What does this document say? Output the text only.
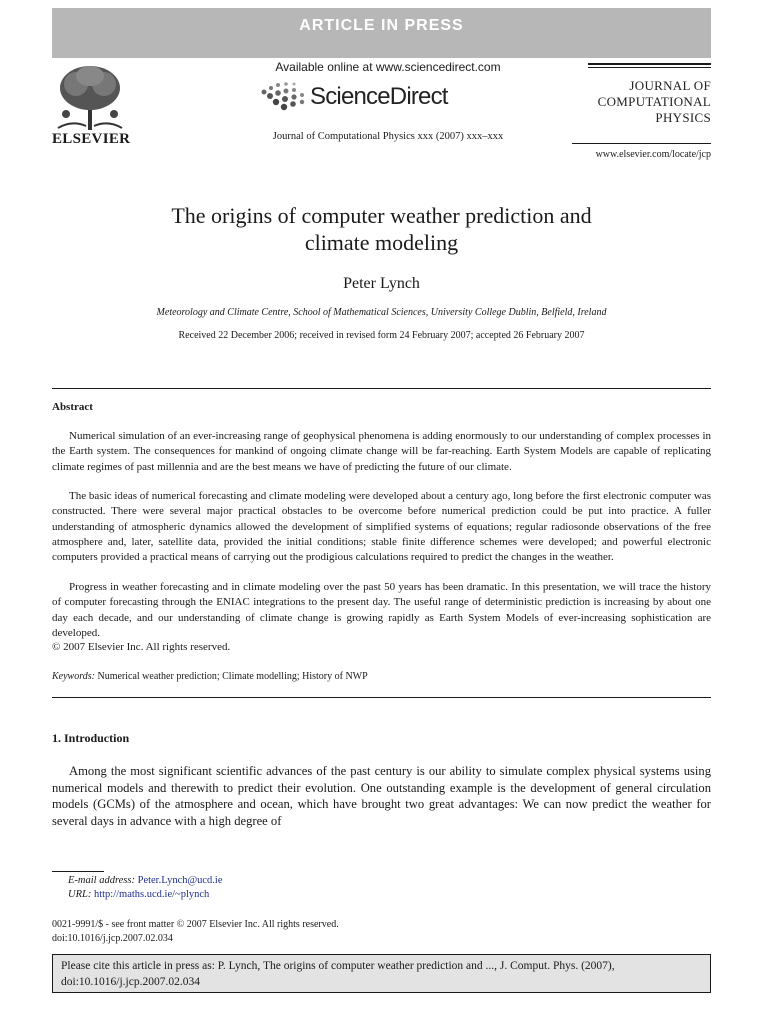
ARTICLE IN PRESS
ELSEVIER
Available online at www.sciencedirect.com
ScienceDirect
Journal of Computational Physics xxx (2007) xxx–xxx
JOURNAL OF
COMPUTATIONAL
PHYSICS
www.elsevier.com/locate/jcp
The origins of computer weather prediction and
climate modeling
Peter Lynch
Meteorology and Climate Centre, School of Mathematical Sciences, University College Dublin, Belfield, Ireland
Received 22 December 2006; received in revised form 24 February 2007; accepted 26 February 2007
Abstract

Numerical simulation of an ever-increasing range of geophysical phenomena is adding enormously to our understanding of complex processes in the Earth system. The consequences for mankind of ongoing climate change will be far-reaching. Earth System Models are capable of replicating climate regimes of past millennia and are the best means we have of predicting the future of our climate.

The basic ideas of numerical forecasting and climate modeling were developed about a century ago, long before the first electronic computer was constructed. There were several major practical obstacles to be overcome before numerical prediction could be put into practice. A fuller understanding of atmospheric dynamics allowed the development of simplified systems of equations; regular radiosonde observations of the free atmosphere and, later, satellite data, provided the initial conditions; stable finite difference schemes were developed; and powerful electronic computers provided a practical means of carrying out the prodigious calculations required to predict the changes in the weather.

Progress in weather forecasting and in climate modeling over the past 50 years has been dramatic. In this presentation, we will trace the history of computer forecasting through the ENIAC integrations to the present day. The useful range of deterministic prediction is increasing by about one day each decade, and our understanding of climate change is growing rapidly as Earth System Models of ever-increasing sophistication are developed.

© 2007 Elsevier Inc. All rights reserved.

Keywords: Numerical weather prediction; Climate modelling; History of NWP
1. Introduction

Among the most significant scientific advances of the past century is our ability to simulate complex physical systems using numerical models and therewith to predict their evolution. One outstanding example is the development of general circulation models (GCMs) of the atmosphere and ocean, which have brought two great advantages: We can now predict the weather for several days in advance with a high degree of

E-mail address: Peter.Lynch@ucd.ie
URL: http://maths.ucd.ie/~plynch
0021-9991/$ - see front matter © 2007 Elsevier Inc. All rights reserved.
doi:10.1016/j.jcp.2007.02.034
Please cite this article in press as: P. Lynch, The origins of computer weather prediction and ..., J. Comput. Phys. (2007),
doi:10.1016/j.jcp.2007.02.034
